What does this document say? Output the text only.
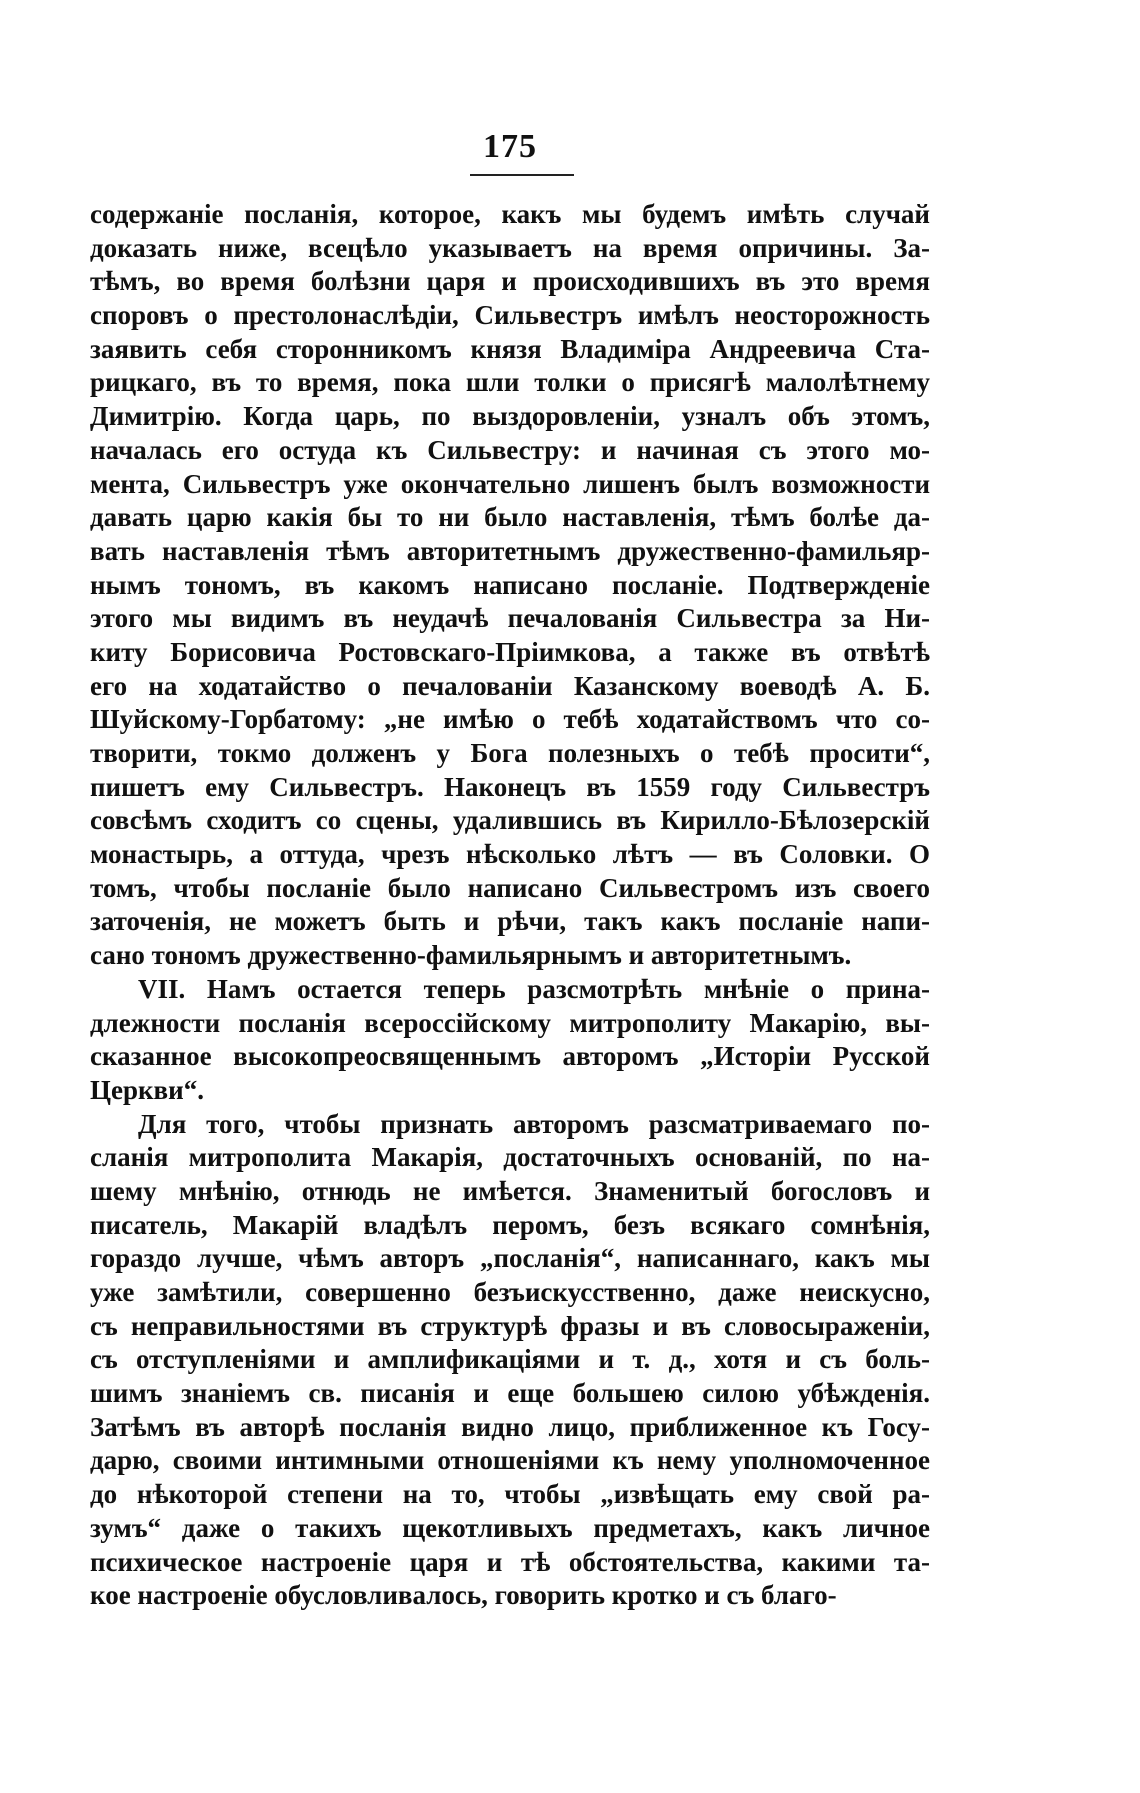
175
содержаніе посланія, которое, какъ мы будемъ имѣть случай
доказать ниже, всецѣло указываетъ на время опричины. За-
тѣмъ, во время болѣзни царя и происходившихъ въ это время
споровъ о престолонаслѣдіи, Сильвестръ имѣлъ неосторожность
заявить себя сторонникомъ князя Владиміра Андреевича Ста-
рицкаго, въ то время, пока шли толки о присягѣ малолѣтнему
Димитрію. Когда царь, по выздоровленіи, узналъ объ этомъ,
началась его остуда къ Сильвестру: и начиная съ этого мо-
мента, Сильвестръ уже окончательно лишенъ былъ возможности
давать царю какія бы то ни было наставленія, тѣмъ болѣе да-
вать наставленія тѣмъ авторитетнымъ дружественно-фамильяр-
нымъ тономъ, въ какомъ написано посланіе. Подтвержденіе
этого мы видимъ въ неудачѣ печалованія Сильвестра за Ни-
киту Борисовича Ростовскаго-Пріимкова, а также въ отвѣтѣ
его на ходатайство о печалованіи Казанскому воеводѣ А. Б.
Шуйскому-Горбатому: „не имѣю о тебѣ ходатайствомъ что со-
творити, токмо долженъ у Бога полезныхъ о тебѣ просити“,
пишетъ ему Сильвестръ. Наконецъ въ 1559 году Сильвестръ
совсѣмъ сходитъ со сцены, удалившись въ Кирилло-Бѣлозерскій
монастырь, а оттуда, чрезъ нѣсколько лѣтъ — въ Соловки. О
томъ, чтобы посланіе было написано Сильвестромъ изъ своего
заточенія, не можетъ быть и рѣчи, такъ какъ посланіе напи-
сано тономъ дружественно-фамильярнымъ и авторитетнымъ.
VII. Намъ остается теперь разсмотрѣть мнѣніе о прина-
длежности посланія всероссійскому митрополиту Макарію, вы-
сказанное высокопреосвященнымъ авторомъ „Исторіи Русской
Церкви“.
Для того, чтобы признать авторомъ разсматриваемаго по-
сланія митрополита Макарія, достаточныхъ основаній, по на-
шему мнѣнію, отнюдь не имѣется. Знаменитый богословъ и
писатель, Макарій владѣлъ перомъ, безъ всякаго сомнѣнія,
гораздо лучше, чѣмъ авторъ „посланія“, написаннаго, какъ мы
уже замѣтили, совершенно безъискусственно, даже неискусно,
съ неправильностями въ структурѣ фразы и въ словосыраженіи,
съ отступленіями и амплификаціями и т. д., хотя и съ боль-
шимъ знаніемъ св. писанія и еще большею силою убѣжденія.
Затѣмъ въ авторѣ посланія видно лицо, приближенное къ Госу-
дарю, своими интимными отношеніями къ нему уполномоченное
до нѣкоторой степени на то, чтобы „извѣщать ему свой ра-
зумъ“ даже о такихъ щекотливыхъ предметахъ, какъ личное
психическое настроеніе царя и тѣ обстоятельства, какими та-
кое настроеніе обусловливалось, говорить кротко и съ благо-
